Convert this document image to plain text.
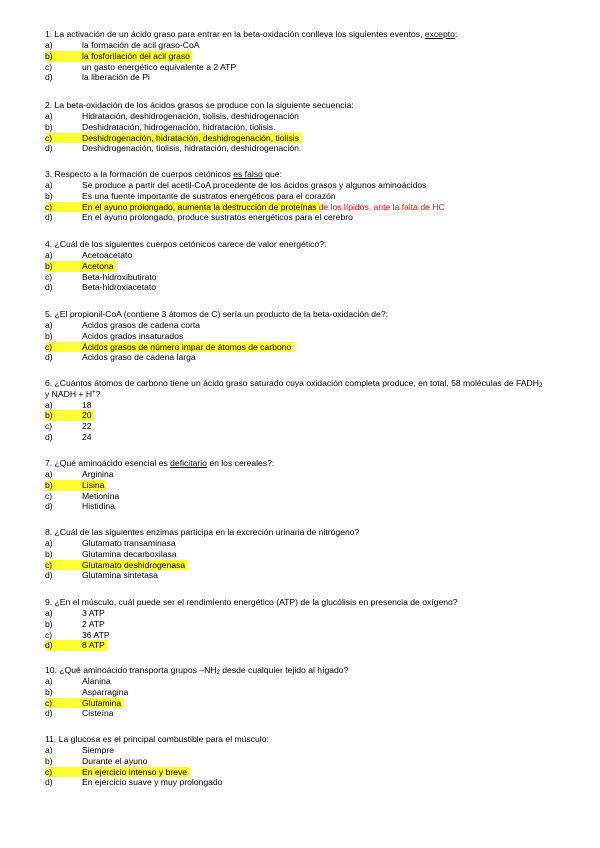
1. La activación de un ácido graso para entrar en la beta-oxidación conlleva los siguientes eventos, excepto:
a)	la formación de acil graso-CoA
b)	la fosforilación del acil graso
c)	un gasto energético equivalente a 2 ATP
d)	la liberación de Pi
2. La beta-oxidación de los ácidos grasos se produce con la siguiente secuencia:
a)	Hidratación, deshidrogenación, tiolisis, deshidrogenación
b)	Deshidratación, hidrogenación, hidratación, tiolisis.
c)	Deshidrogenación, hidratación, deshidrogenación, tiolisis
d)	Deshidrogenación, tiolisis, hidratación, deshidrogenación.
3. Respecto a la formación de cuerpos cetónicos es falso que:
a)	Se produce a partir del acetil-CoA procedente de los ácidos grasos y algunos aminoácidos
b)	Es una fuente importante de sustratos energéticos para el corazón
c)	En el ayuno prolongado, aumenta la destrucción de proteínas de los lípidos, ante la falta de HC
d)	En el ayuno prolongado, produce sustratos energéticos para el cerebro
4. ¿Cuál de los siguientes cuerpos cetónicos carece de valor energético?:
a)	Acetoacetato
b)	Acetona
c)	Beta-hidroxibutirato
d)	Beta-hidroxiacetato
5. ¿El propionil-CoA (contiene 3 átomos de C) sería un producto de la beta-oxidación de?:
a)	Acidos grasos de cadena corta
b)	Acidos grados insaturados
c)	Ácidos grasos de número impar de átomos de carbono
d)	Acidos graso de cadena larga
6. ¿Cuántos átomos de carbono tiene un ácido graso saturado cuya oxidación completa produce, en total, 58 moléculas de $FADH_2$ y NADH + H+?
a)	18
b)	20
c)	22
d)	24
7. ¿Qué aminoácido esencial es deficitario en los cereales?:
a)	Arginina
b)	Lisina
c)	Metionina
d)	Histidina
8. ¿Cuál de las siguientes enzimas participa en la excreción urinaria de nitrógeno?
a)	Glutamato transaminasa
b)	Glutamina decarboxilasa
c)	Glutamato deshidrogenasa
d)	Glutamina sintetasa
9. ¿En el músculo, cuál puede ser el rendimiento energético (ATP) de la glucólisis en presencia de oxígeno?
a)	3 ATP
b)	2 ATP
c)	36 ATP
d)	8 ATP
10. ¿Qué aminoácido transporta grupos $-NH_2$ desde cualquier tejido al hígado?
a)	Alanina
b)	Asparragina
c)	Glutamina
d)	Cisteína
11. La glucosa es el principal combustible para el músculo:
a)	Siempre
b)	Durante el ayuno
c)	En ejercicio intenso y breve
d)	En ejercicio suave y muy prolongado
